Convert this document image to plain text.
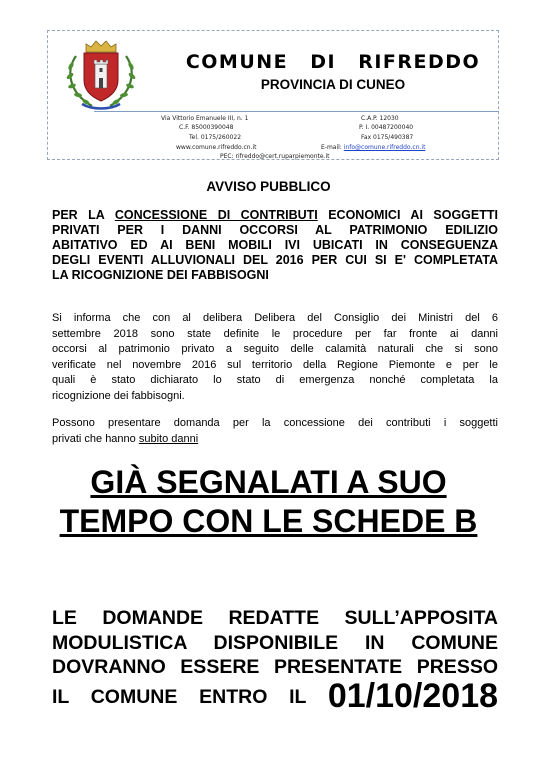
COMUNE DI RIFREDDO
PROVINCIA DI CUNEO
Via Vittorio Emanuele III, n. 1	C.A.P. 12030
C.F. 85000390048	P. I. 00487200040
Tel. 0175/260022	Fax 0175/490387
www.comune.rifreddo.cn.it	E-mail: info@comune.rifreddo.cn.it
PEC: rifreddo@cert.ruparpiemonte.it
AVVISO PUBBLICO
PER LA CONCESSIONE DI CONTRIBUTI ECONOMICI AI SOGGETTI
PRIVATI PER I DANNI OCCORSI AL PATRIMONIO EDILIZIO
ABITATIVO ED AI BENI MOBILI IVI UBICATI IN CONSEGUENZA
DEGLI EVENTI ALLUVIONALI DEL 2016 PER CUI SI E' COMPLETATA
LA RICOGNIZIONE DEI FABBISOGNI
Si informa che con al delibera Delibera del Consiglio dei Ministri del 6
settembre 2018 sono state definite le procedure per far fronte ai danni
occorsi al patrimonio privato a seguito delle calamità naturali che si sono
verificate nel novembre 2016 sul territorio della Regione Piemonte e per le
quali è stato dichiarato lo stato di emergenza nonché completata la
ricognizione dei fabbisogni.
Possono presentare domanda per la concessione dei contributi i soggetti
privati che hanno subito danni
GIÀ SEGNALATI A SUO
TEMPO CON LE SCHEDE B
LE DOMANDE REDATTE SULL’APPOSITA
MODULISTICA DISPONIBILE IN COMUNE
DOVRANNO ESSERE PRESENTATE PRESSO
IL COMUNE ENTRO IL 01/10/2018
